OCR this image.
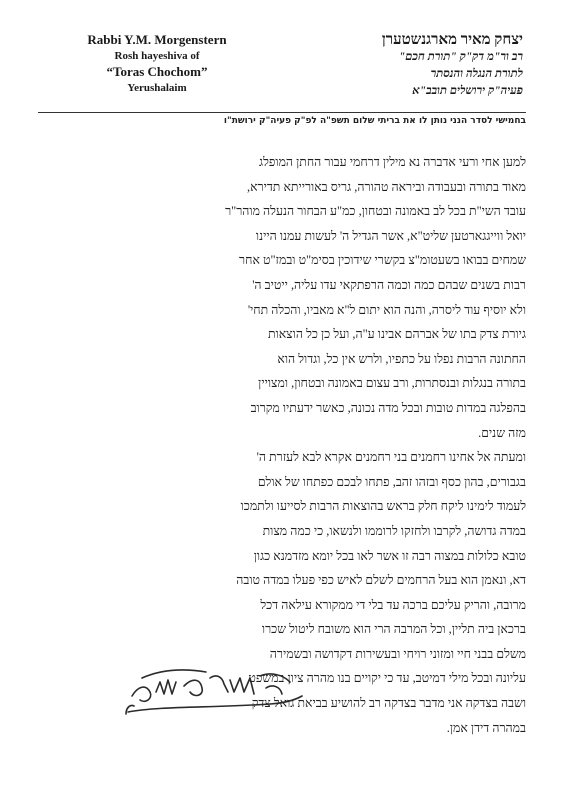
Rabbi Y.M. Morgenstern
Rosh hayeshiva of
“Toras Chochom”
Yerushalaim
יצחק מאיר מארגנשטערן
רב ור"מ דק"ק "תורת חכם"
לתורת הנגלה והנסתר
פעיה"ק ירושלים תובב"א
בחמישי לסדר הנני נותן לו את בריתי שלום תשפ"ה לפ"ק פעיה"ק ירושת"ו
למען אחי ורעי אדברה נא מילין דרחמי עבור החתן המופלג
מאוד בתורה ובעבודה וביראה טהורה, גריס באורייתא תדירא,
עובד השי"ת בכל לב באמונה ובטחון, כמ"ע הבחור הנעלה מוהר"ר
יואל ווייגגארטען שליט"א, אשר הגדיל ה' לעשות עמנו היינו
שמחים בבואו בשעטומ"צ בקשרי שידוכין בסימ"ט ובמז"ט אחר
רבות בשנים שבהם כמה וכמה הרפתקאי עדו עליה, ייטיב ה'
ולא יוסיף עוד ליסרה, והנה הוא יתום ל"א מאביו, והכלה תחי'
גיורת צדק בתו של אברהם אבינו ע"ה, ועל כן כל הוצאות
החתונה הרבות נפלו על כתפיו, ולרש אין כל, וגדול הוא
בתורה בנגלות ובנסתרות, ורב עצום באמונה ובטחון, ומצויין
בהפלגה במדות טובות ובכל מדה נכונה, כאשר ידעתיו מקרוב
מזה שנים.
ומעתה אל אחינו רחמנים בני רחמנים אקרא לבא לעזרת ה'
בגבורים, בהון כסף ובזהו זהב, פתחו לבכם כפתחו של אולם
לעמוד לימינו ליקח חלק בראש בהוצאות הרבות לסייעו ולתמכו
במדה גדושה, לקרבו ולחזקו לרוממו ולנשאו, כי כמה מצות
טובא כלולות במצוה רבה זו אשר לאו בכל יומא מזדמנא כגון
דא, ונאמן הוא בעל הרחמים לשלם לאיש כפי פעלו במדה טובה
מרובה, והריק עליכם ברכה עד בלי די ממקורא עילאה דכל
ברכאן ביה תליין, וכל המרבה הרי הוא משובח ליטול שכרו
משלם בבני חיי ומזוני רויחי ובעשירות דקדושה ובשמירה
עליונה ובכל מילי דמיטב, עד כי יקויים בנו מהרה ציון במשפט
ושבה בצדקה אני מדבר בצדקה רב להושיע בביאת גואל צדק
במהרה דידן אמן.
